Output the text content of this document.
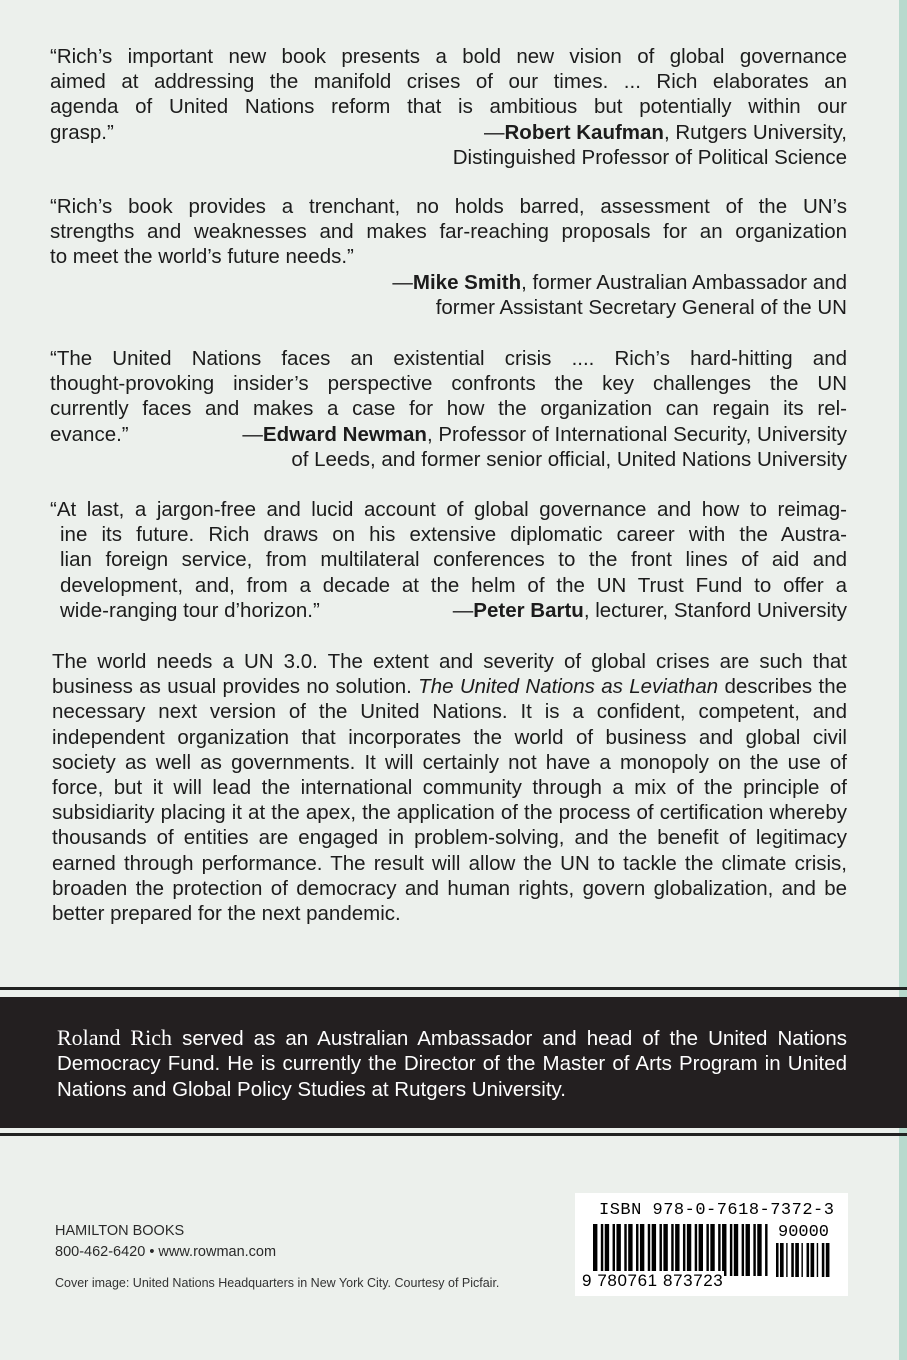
“Rich’s important new book presents a bold new vision of global governance
aimed at addressing the manifold crises of our times. ... Rich elaborates an
agenda of United Nations reform that is ambitious but potentially within our
grasp.”	—Robert Kaufman, Rutgers University,
Distinguished Professor of Political Science
“Rich’s book provides a trenchant, no holds barred, assessment of the UN’s
strengths and weaknesses and makes far-reaching proposals for an organization
to meet the world’s future needs.”
—Mike Smith, former Australian Ambassador and
former Assistant Secretary General of the UN
“The United Nations faces an existential crisis .... Rich’s hard-hitting and
thought-provoking insider’s perspective confronts the key challenges the UN
currently faces and makes a case for how the organization can regain its rel-
evance.”	—Edward Newman, Professor of International Security, University
of Leeds, and former senior official, United Nations University
“At last, a jargon-free and lucid account of global governance and how to reimag-
ine its future. Rich draws on his extensive diplomatic career with the Austra-
lian foreign service, from multilateral conferences to the front lines of aid and
development, and, from a decade at the helm of the UN Trust Fund to offer a
wide-ranging tour d’horizon.”	—Peter Bartu, lecturer, Stanford University
The world needs a UN 3.0. The extent and severity of global crises are such that business as usual provides no solution. The United Nations as Leviathan describes the necessary next version of the United Nations. It is a confident, competent, and independent organization that incorporates the world of business and global civil society as well as governments. It will certainly not have a monopoly on the use of force, but it will lead the international community through a mix of the principle of subsidiarity placing it at the apex, the application of the process of certification whereby thousands of entities are engaged in problem-solving, and the benefit of legitimacy earned through performance. The result will allow the UN to tackle the climate crisis, broaden the protection of democracy and human rights, govern globalization, and be better prepared for the next pandemic.
Roland Rich served as an Australian Ambassador and head of the United Nations Democracy Fund. He is currently the Director of the Master of Arts Program in United Nations and Global Policy Studies at Rutgers University.
HAMILTON BOOKS
800-462-6420 • www.rowman.com
Cover image: United Nations Headquarters in New York City. Courtesy of Picfair.
ISBN 978-0-7618-7372-3
90000
9 780761 873723
